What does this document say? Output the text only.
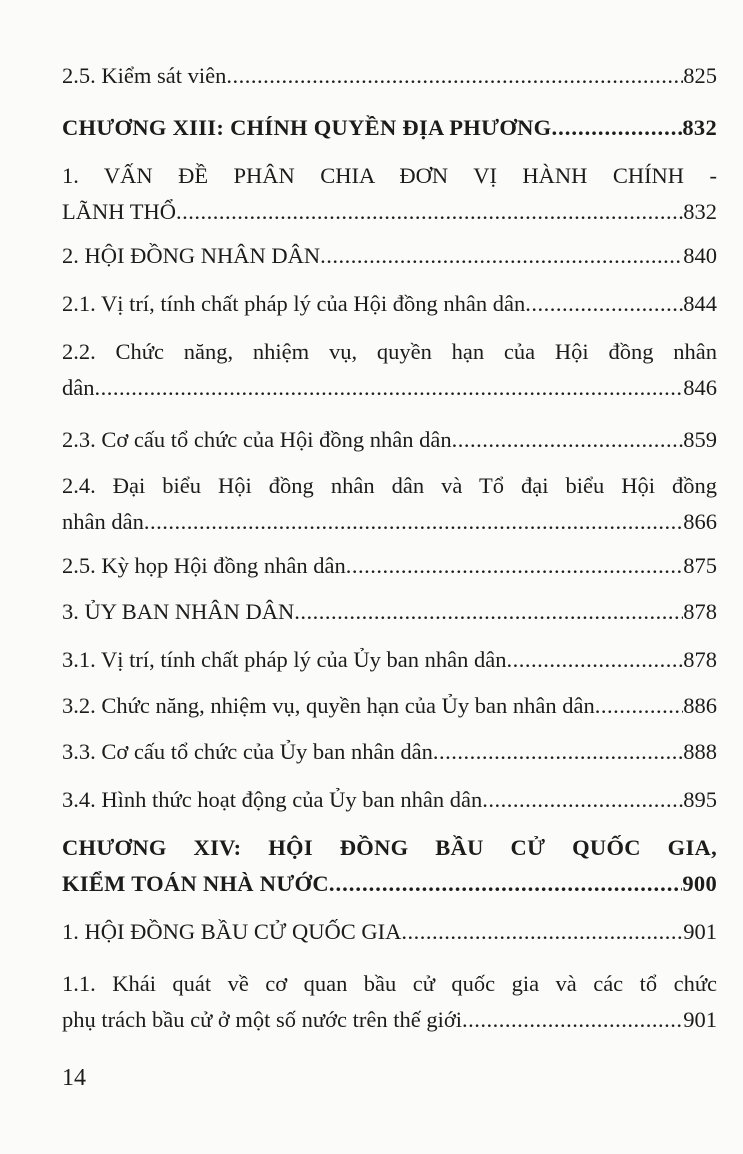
2.5. Kiểm sát viên .....	825
CHƯƠNG XIII: CHÍNH QUYỀN ĐỊA PHƯƠNG .....	832
1. VẤN ĐỀ PHÂN CHIA ĐƠN VỊ HÀNH CHÍNH -
LÃNH THỔ .....	832
2. HỘI ĐỒNG NHÂN DÂN .....	840
2.1. Vị trí, tính chất pháp lý của Hội đồng nhân dân .....	844
2.2. Chức năng, nhiệm vụ, quyền hạn của Hội đồng nhân
dân .....	846
2.3. Cơ cấu tổ chức của Hội đồng nhân dân .....	859
2.4. Đại biểu Hội đồng nhân dân và Tổ đại biểu Hội đồng
nhân dân .....	866
2.5. Kỳ họp Hội đồng nhân dân .....	875
3. ỦY BAN NHÂN DÂN .....	878
3.1. Vị trí, tính chất pháp lý của Ủy ban nhân dân .....	878
3.2. Chức năng, nhiệm vụ, quyền hạn của Ủy ban nhân dân .....	886
3.3. Cơ cấu tổ chức của Ủy ban nhân dân .....	888
3.4. Hình thức hoạt động của Ủy ban nhân dân .....	895
CHƯƠNG XIV: HỘI ĐỒNG BẦU CỬ QUỐC GIA,
KIỂM TOÁN NHÀ NƯỚC .....	900
1. HỘI ĐỒNG BẦU CỬ QUỐC GIA .....	901
1.1. Khái quát về cơ quan bầu cử quốc gia và các tổ chức
phụ trách bầu cử ở một số nước trên thế giới .....	901
14
